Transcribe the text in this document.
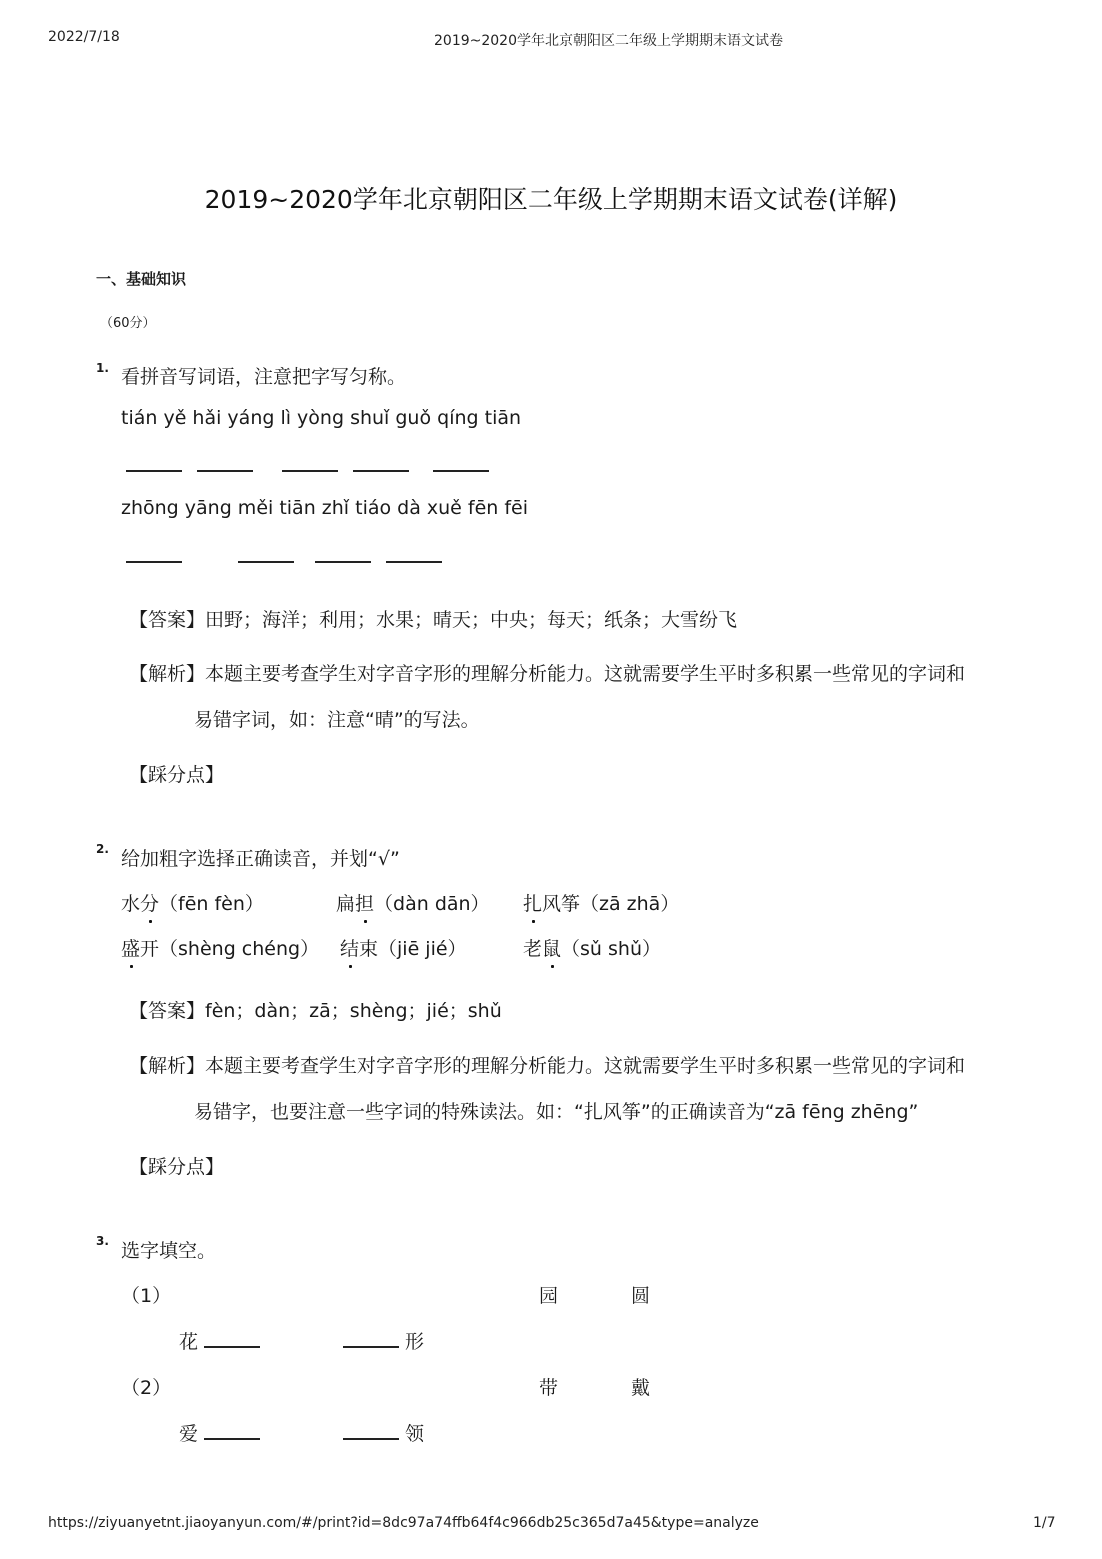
2022/7/18	2019~2020学年北京朝阳区二年级上学期期末语文试卷
2019~2020学年北京朝阳区二年级上学期期末语文试卷(详解)
一、基础知识
（60分）
1. 看拼音写词语，注意把字写匀称。
tián yě hǎi yáng lì yòng shuǐ guǒ qíng tiān
zhōng yāng měi tiān zhǐ tiáo dà xuě fēn fēi
【答案】田野；海洋；利用；水果；晴天；中央；每天；纸条；大雪纷飞
【解析】本题主要考查学生对字音字形的理解分析能力。这就需要学生平时多积累一些常见的字词和
易错字词，如：注意“晴”的写法。
【踩分点】
2. 给加粗字选择正确读音，并划“√”
水分（fēn fèn）	扁担（dàn dān） 扎风筝（zā zhā）
盛开（shèng chéng） 结束（jiē jié）	老鼠（sǔ shǔ）
【答案】fèn；dàn；zā；shèng；jié；shǔ
【解析】本题主要考查学生对字音字形的理解分析能力。这就需要学生平时多积累一些常见的字词和
易错字，也要注意一些字词的特殊读法。如：“扎风筝”的正确读音为“zā fēng zhēng”
【踩分点】
3. 选字填空。
（1）	园	圆
花	形
（2）	带	戴
爱	领
https://ziyuanyetnt.jiaoyanyun.com/#/print?id=8dc97a74ffb64f4c966db25c365d7a45&type=analyze	1/7
